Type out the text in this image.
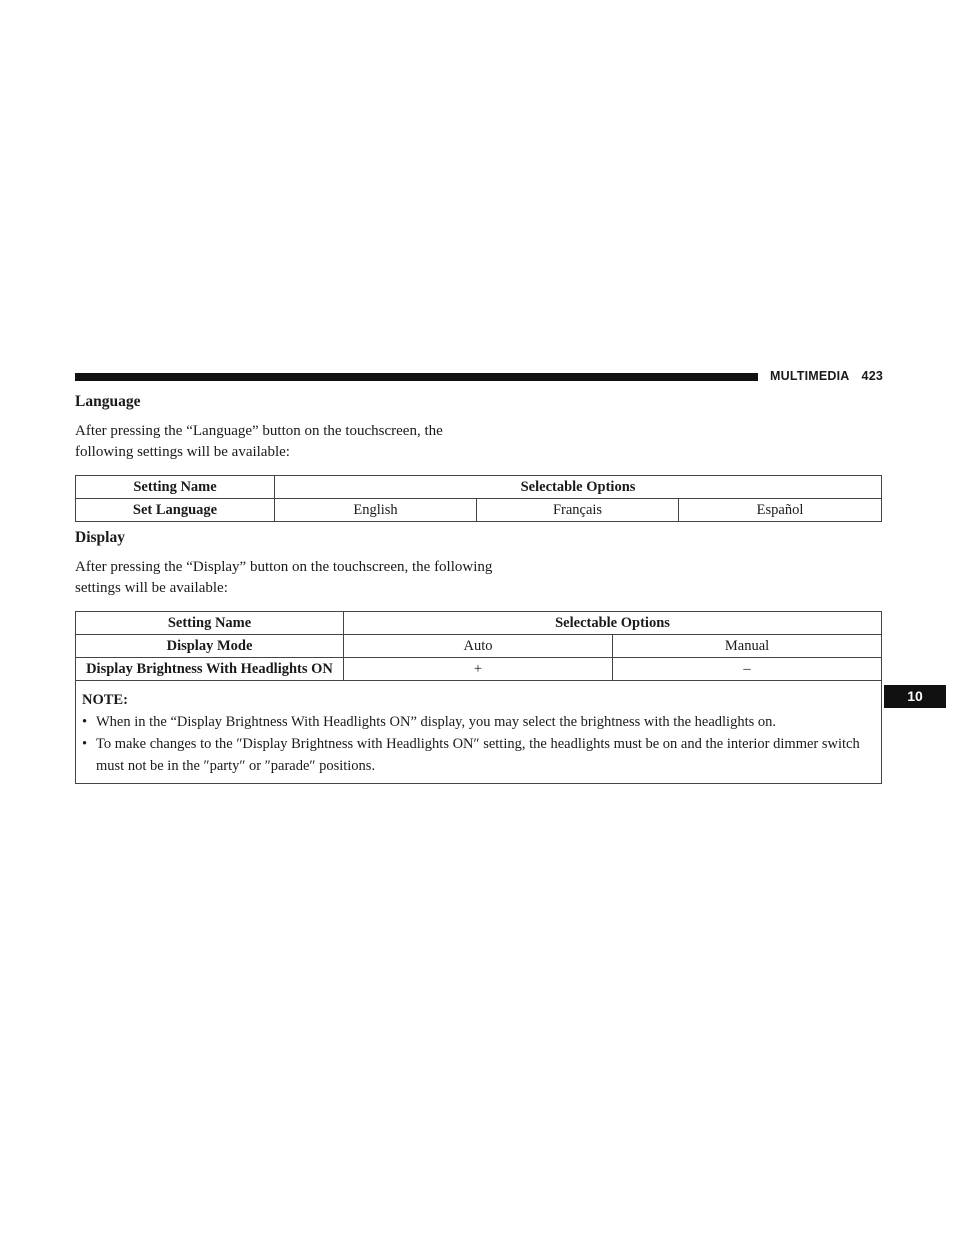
MULTIMEDIA 423
10
Language
After pressing the “Language” button on the touchscreen, the following settings will be available:
Setting Name	Selectable Options		
Set Language	English	Français	Español
Display
After pressing the “Display” button on the touchscreen, the following settings will be available:
Setting Name	Selectable Options	
Display Mode	Auto	Manual
Display Brightness With Headlights ON	+	–

NOTE:
• When in the “Display Brightness With Headlights ON” display, you may select the brightness with the headlights on.
• To make changes to the ″Display Brightness with Headlights ON″ setting, the headlights must be on and the interior dimmer switch must not be in the ″party″ or ″parade″ positions.		
